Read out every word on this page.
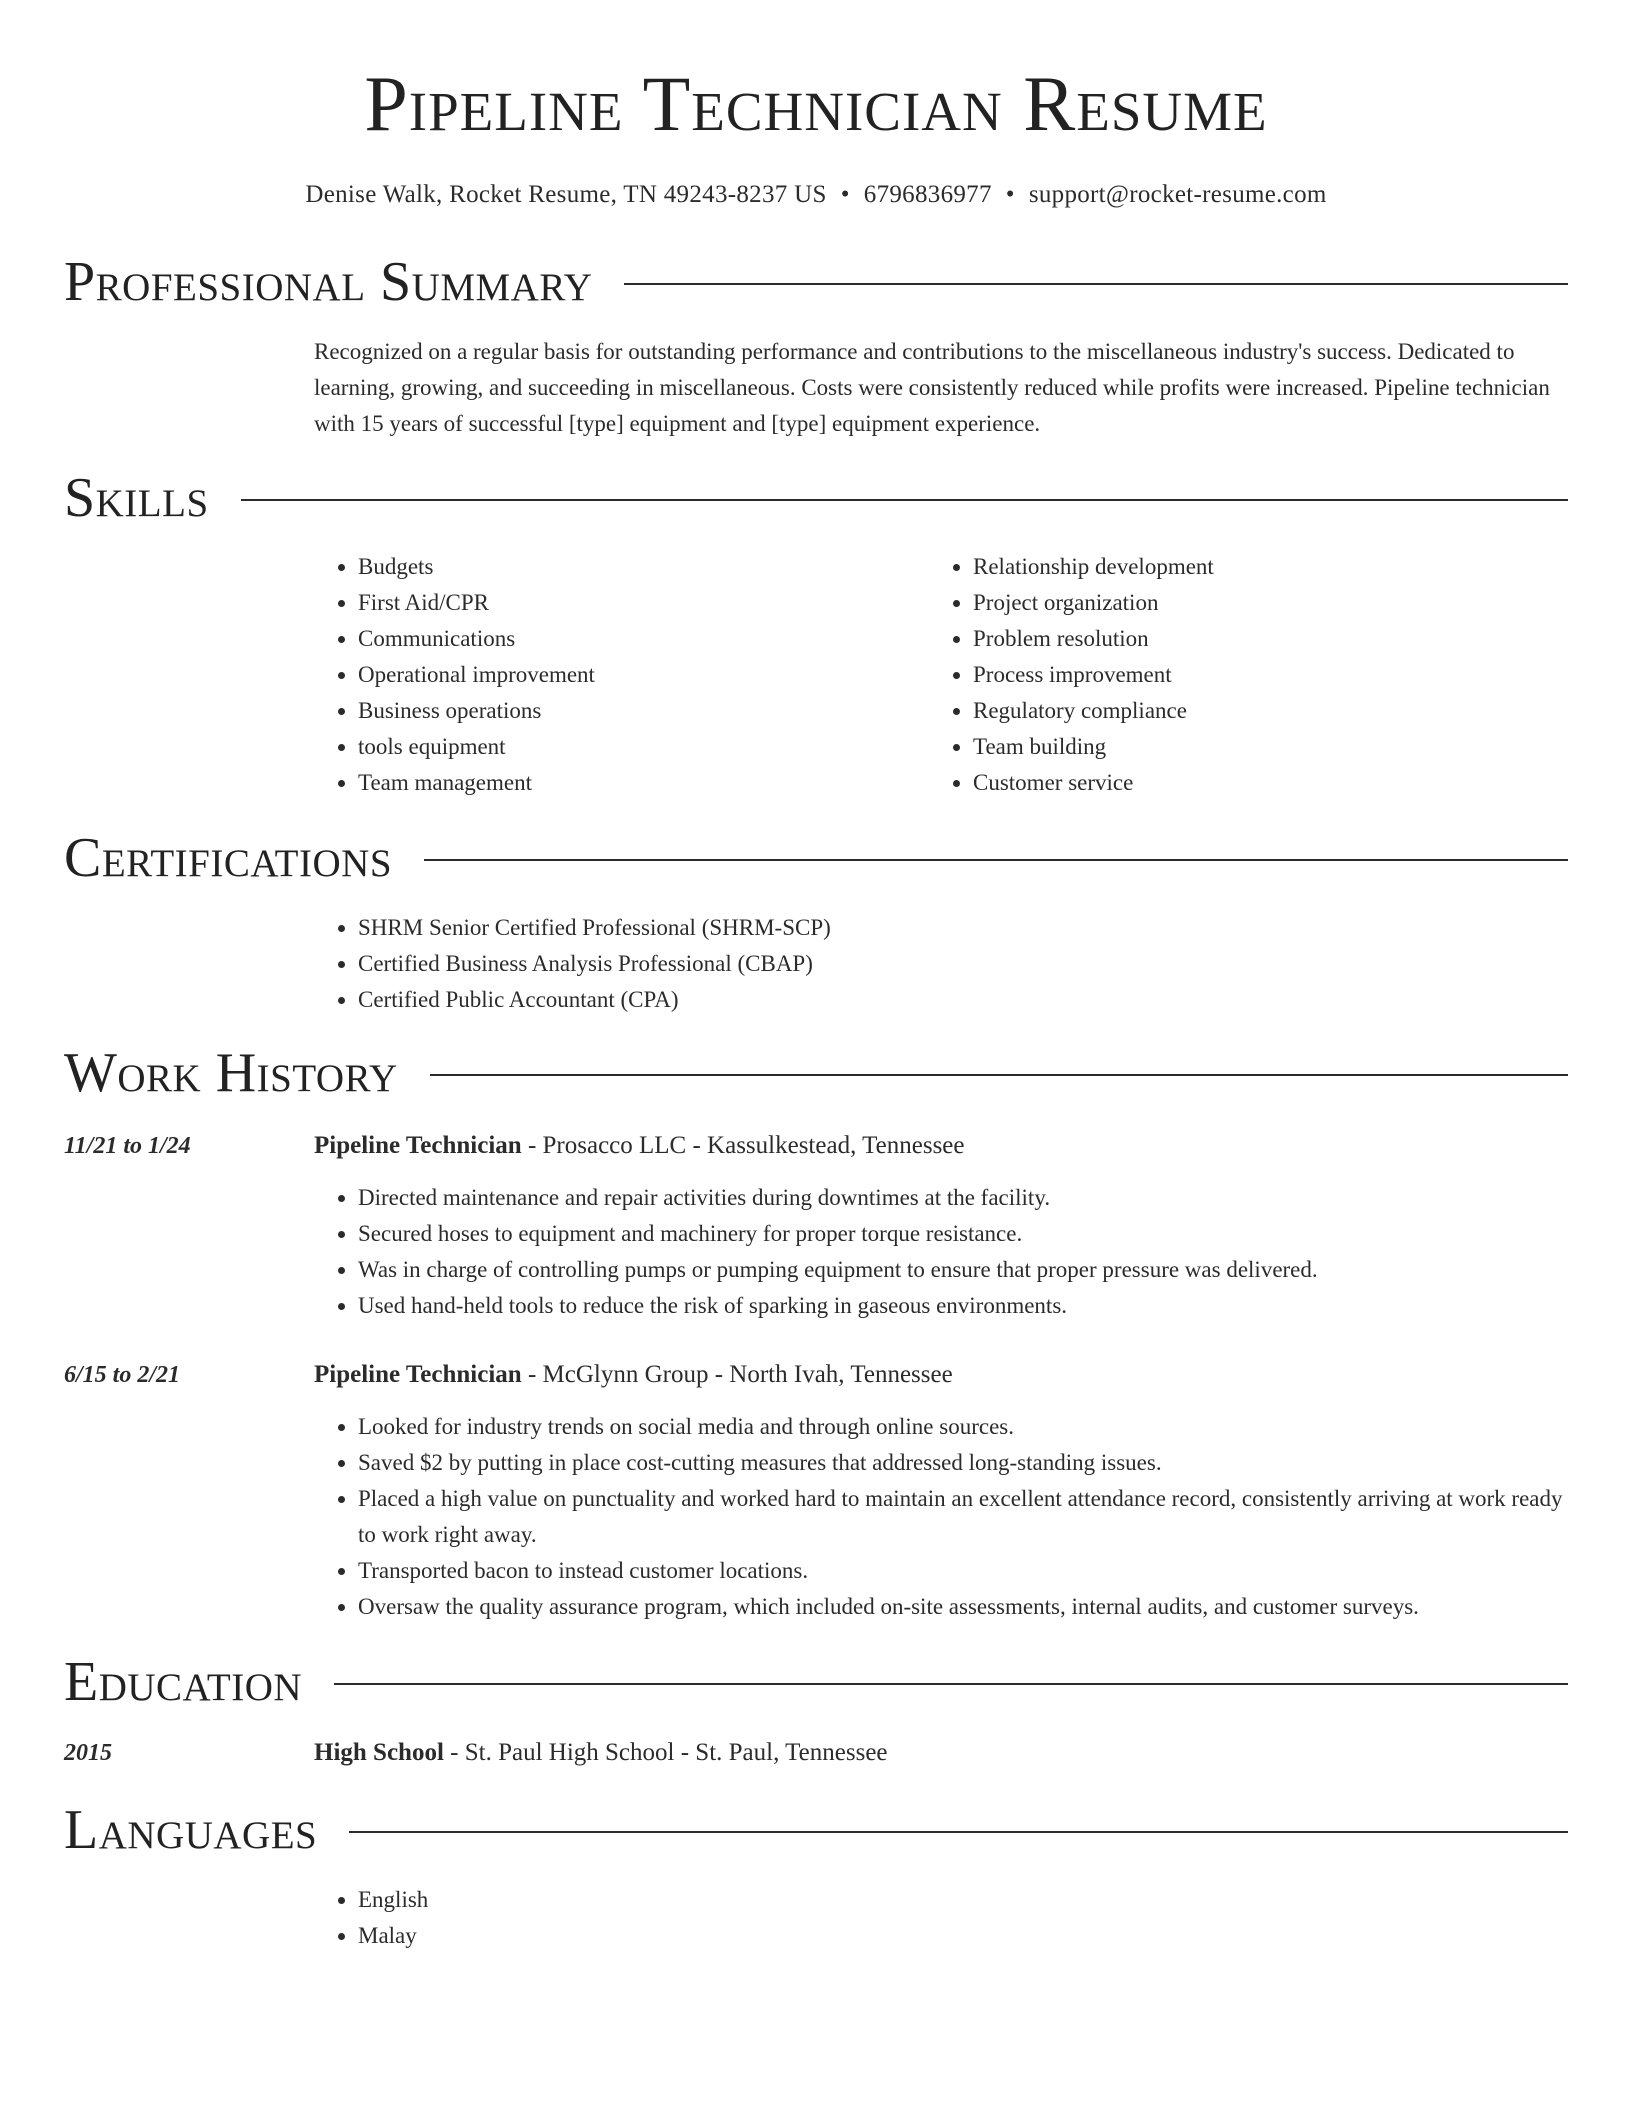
Pipeline Technician Resume
Denise Walk, Rocket Resume, TN 49243-8237 US • 6796836977 • support@rocket-resume.com
Professional Summary

Recognized on a regular basis for outstanding performance and contributions to the miscellaneous industry's success. Dedicated to learning, growing, and succeeding in miscellaneous. Costs were consistently reduced while profits were increased. Pipeline technician with 15 years of successful [type] equipment and [type] equipment experience.

Skills
• Budgets
• First Aid/CPR
• Communications
• Operational improvement
• Business operations
• tools equipment
• Team management
• Relationship development
• Project organization
• Problem resolution
• Process improvement
• Regulatory compliance
• Team building
• Customer service
Certifications
• SHRM Senior Certified Professional (SHRM-SCP)
• Certified Business Analysis Professional (CBAP)
• Certified Public Accountant (CPA)
Work History
11/21 to 1/24	Pipeline Technician - Prosacco LLC - Kassulkestead, Tennessee
• Directed maintenance and repair activities during downtimes at the facility.
• Secured hoses to equipment and machinery for proper torque resistance.
• Was in charge of controlling pumps or pumping equipment to ensure that proper pressure was delivered.
• Used hand-held tools to reduce the risk of sparking in gaseous environments.
6/15 to 2/21	Pipeline Technician - McGlynn Group - North Ivah, Tennessee
• Looked for industry trends on social media and through online sources.
• Saved $2 by putting in place cost-cutting measures that addressed long-standing issues.
• Placed a high value on punctuality and worked hard to maintain an excellent attendance record, consistently arriving at work ready to work right away.
• Transported bacon to instead customer locations.
• Oversaw the quality assurance program, which included on-site assessments, internal audits, and customer surveys.
Education
2015	High School - St. Paul High School - St. Paul, Tennessee
Languages
• English
• Malay
